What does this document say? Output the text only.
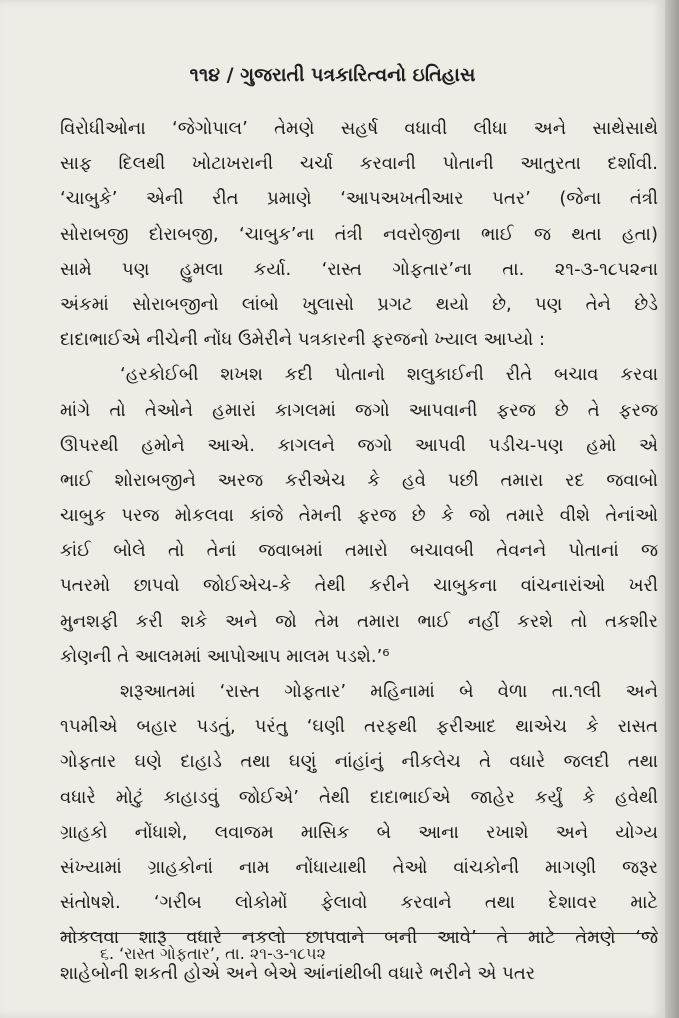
૧૧૪ / ગુજરાતી પત્રકારિત્વનો ઇતિહાસ
વિરોધીઓના ‘જેગોપાલ’ તેમણે સહર્ષ વધાવી લીધા અને સાથેસાથે
સાફ દિલથી ખોટાખરાની ચર્ચા કરવાની પોતાની આતુરતા દર્શાવી.
‘ચાબુકે’ એની રીત પ્રમાણે ‘આપઅખતીઆર પતર’ (જેના તંત્રી
સોરાબજી દોરાબજી, ‘ચાબુક’ના તંત્રી નવરોજીના ભાઈ જ થતા હતા)
સામે પણ હુમલા કર્યા. ‘રાસ્ત ગોફતાર’ના તા. ૨૧-૩-૧૮૫૨ના
અંકમાં સોરાબજીનો લાંબો ખુલાસો પ્રગટ થયો છે, પણ તેને છેડે
દાદાભાઈએ નીચેની નોંધ ઉમેરીને પત્રકારની ફરજનો ખ્યાલ આપ્યો :
‘હરકોઈબી શખશ કદી પોતાનો શલુકાઈની રીતે બચાવ કરવા
માંગે તો તેઓને હમારાં કાગલમાં જગો આપવાની ફરજ છે તે ફરજ
ઊપરથી હમોને આએ. કાગલને જગો આપવી પડીચ-પણ હમો એ
ભાઈ શોરાબજીને અરજ કરીએચ કે હવે પછી તમારા રદ જવાબો
ચાબુક પરજ મોકલવા કાંજે તેમની ફરજ છે કે જો તમારે વીશે તેનાંઓ
કાંઈ બોલે તો તેનાં જવાબમાં તમારો બચાવબી તેવનને પોતાનાં જ
પતરમો છાપવો જોઈએચ-કે તેથી કરીને ચાબુકના વાંચનારાંઓ ખરી
મુનશફી કરી શકે અને જો તેમ તમારા ભાઈ નહીં કરશે તો તકશીર
કોણની તે આલમમાં આપોઆપ માલમ પડશે.’⁶
શરૂઆતમાં ‘રાસ્ત ગોફતાર’ મહિનામાં બે વેળા તા.૧લી અને
૧૫મીએ બહાર પડતું, પરંતુ ‘ઘણી તરફથી ફરીઆદ થાએચ કે રાસત
ગોફતાર ઘણે દાહાડે તથા ઘણું નાંહાંનું નીકલેચ તે વધારે જલદી તથા
વધારે મોટું કાહાડવું જોઈએ’ તેથી દાદાભાઈએ જાહેર કર્યું કે હવેથી
ગ્રાહકો નોંધાશે, લવાજમ માસિક બે આના રખાશે અને યોગ્ય
સંખ્યામાં ગ્રાહકોનાં નામ નોંધાયાથી તેઓ વાંચકોની માગણી જરૂર
સંતોષશે. ‘ગરીબ લોકોમોં ફેલાવો કરવાને તથા દેશાવર માટે
મોકલવા શારૂ વધારે નકલો છાપવાને બની આવે’ તે માટે તેમણે ‘જે
શાહેબોની શકતી હોએ અને બેએ આંનાંથીબી વધારે ભરીને એ પતર
૬. ‘રાસ્ત ગોફતાર’, તા. ૨૧-૩-૧૮૫૨
